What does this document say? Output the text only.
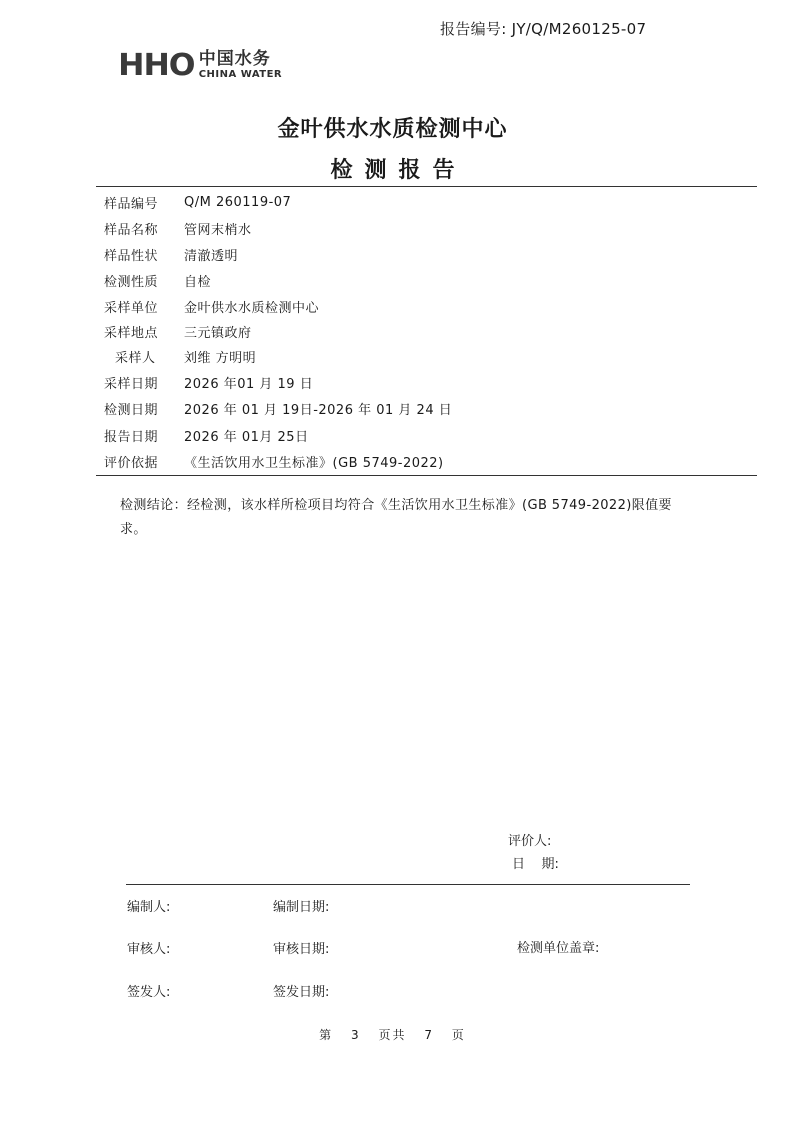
报告编号: JY/Q/M260125-07
HHO 中国水务
CHINA WATER
金叶供水水质检测中心
检测报告
样品编号	Q/M 260119-07
样品名称	管网末梢水
样品性状	清澈透明
检测性质	自检
采样单位	金叶供水水质检测中心
采样地点	三元镇政府
采样人	刘维 方明明
采样日期	2026 年01 月 19 日
检测日期	2026 年 01 月 19日-2026 年 01 月 24 日
报告日期	2026 年 01月 25日
评价依据	《生活饮用水卫生标准》(GB 5749-2022)
检测结论：经检测，该水样所检项目均符合《生活饮用水卫生标准》(GB 5749-2022)限值要求。
评价人:
日    期:
编制人:	编制日期:
审核人:	审核日期:	检测单位盖章:
签发人:	签发日期:
第 3 页共 7 页
